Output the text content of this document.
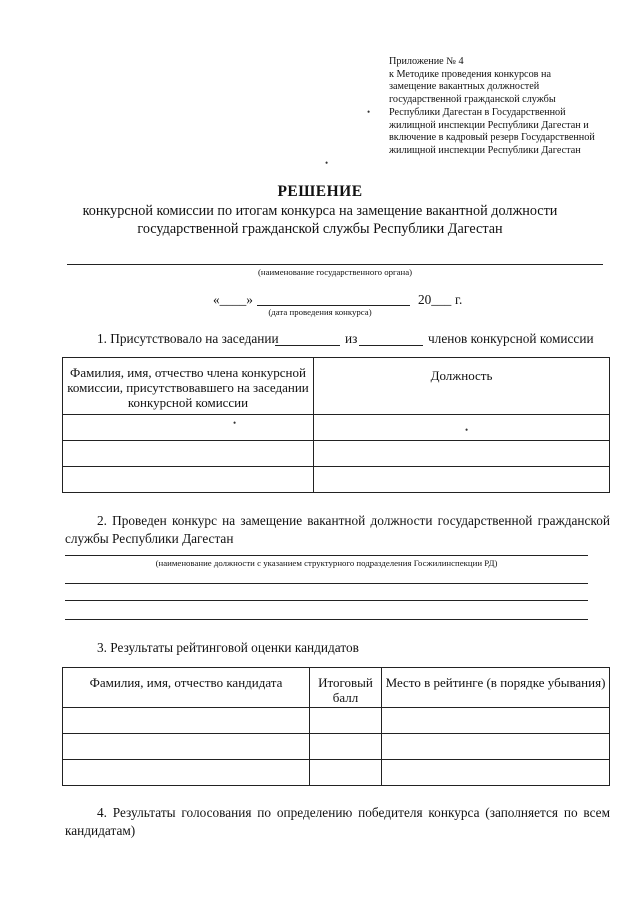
Приложение № 4
к Методике проведения конкурсов на
замещение вакантных должностей
государственной гражданской службы
Республики Дагестан в Государственной
жилищной инспекции Республики Дагестан и
включение в кадровый резерв Государственной
жилищной инспекции Республики Дагестан
•
•
РЕШЕНИЕ
конкурсной комиссии по итогам конкурса на замещение вакантной должности государственной гражданской службы Республики Дагестан
(наименование государственного органа)
«____»	20___ г.
(дата проведения конкурса)
1. Присутствовало на заседании	из	членов конкурсной комиссии
Фамилия, имя, отчество члена конкурсной комиссии, присутствовавшего на заседании конкурсной комиссии	Должность

•
•
2. Проведен конкурс на замещение вакантной должности государственной гражданской службы Республики Дагестан
(наименование должности с указанием структурного подразделения Госжилинспекции РД)
3. Результаты рейтинговой оценки кандидатов
Фамилия, имя, отчество кандидата	Итоговый балл	Место в рейтинге (в порядке убывания)

4. Результаты голосования по определению победителя конкурса (заполняется по всем кандидатам)
